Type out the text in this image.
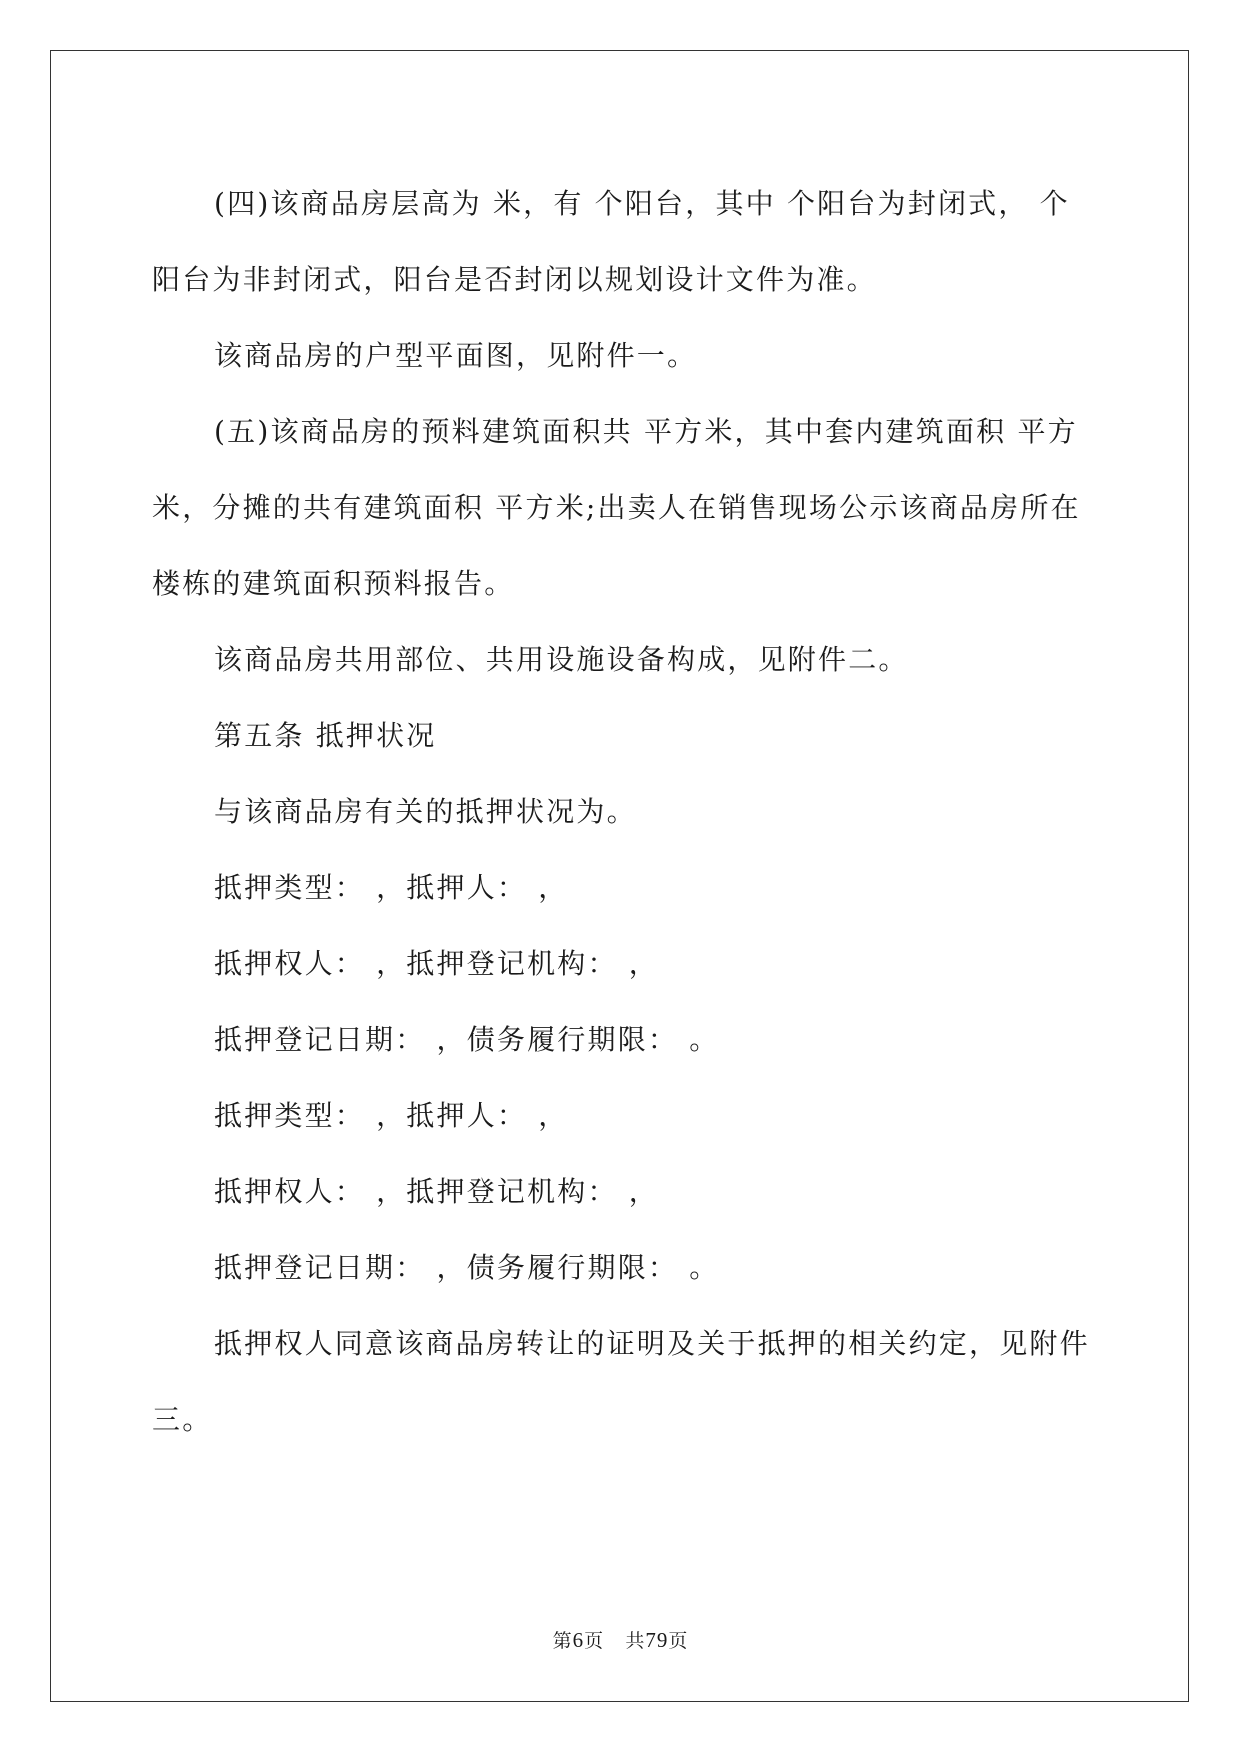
(四)该商品房层高为 米，有 个阳台，其中 个阳台为封闭式， 个阳台为非封闭式，阳台是否封闭以规划设计文件为准。

该商品房的户型平面图，见附件一。

(五)该商品房的预料建筑面积共 平方米，其中套内建筑面积 平方米，分摊的共有建筑面积 平方米;出卖人在销售现场公示该商品房所在楼栋的建筑面积预料报告。

该商品房共用部位、共用设施设备构成，见附件二。

第五条 抵押状况

与该商品房有关的抵押状况为。

抵押类型： ，抵押人： ，

抵押权人： ，抵押登记机构： ，

抵押登记日期： ，债务履行期限： 。

抵押类型： ，抵押人： ，

抵押权人： ，抵押登记机构： ，

抵押登记日期： ，债务履行期限： 。

抵押权人同意该商品房转让的证明及关于抵押的相关约定，见附件三。

第6页 共79页
